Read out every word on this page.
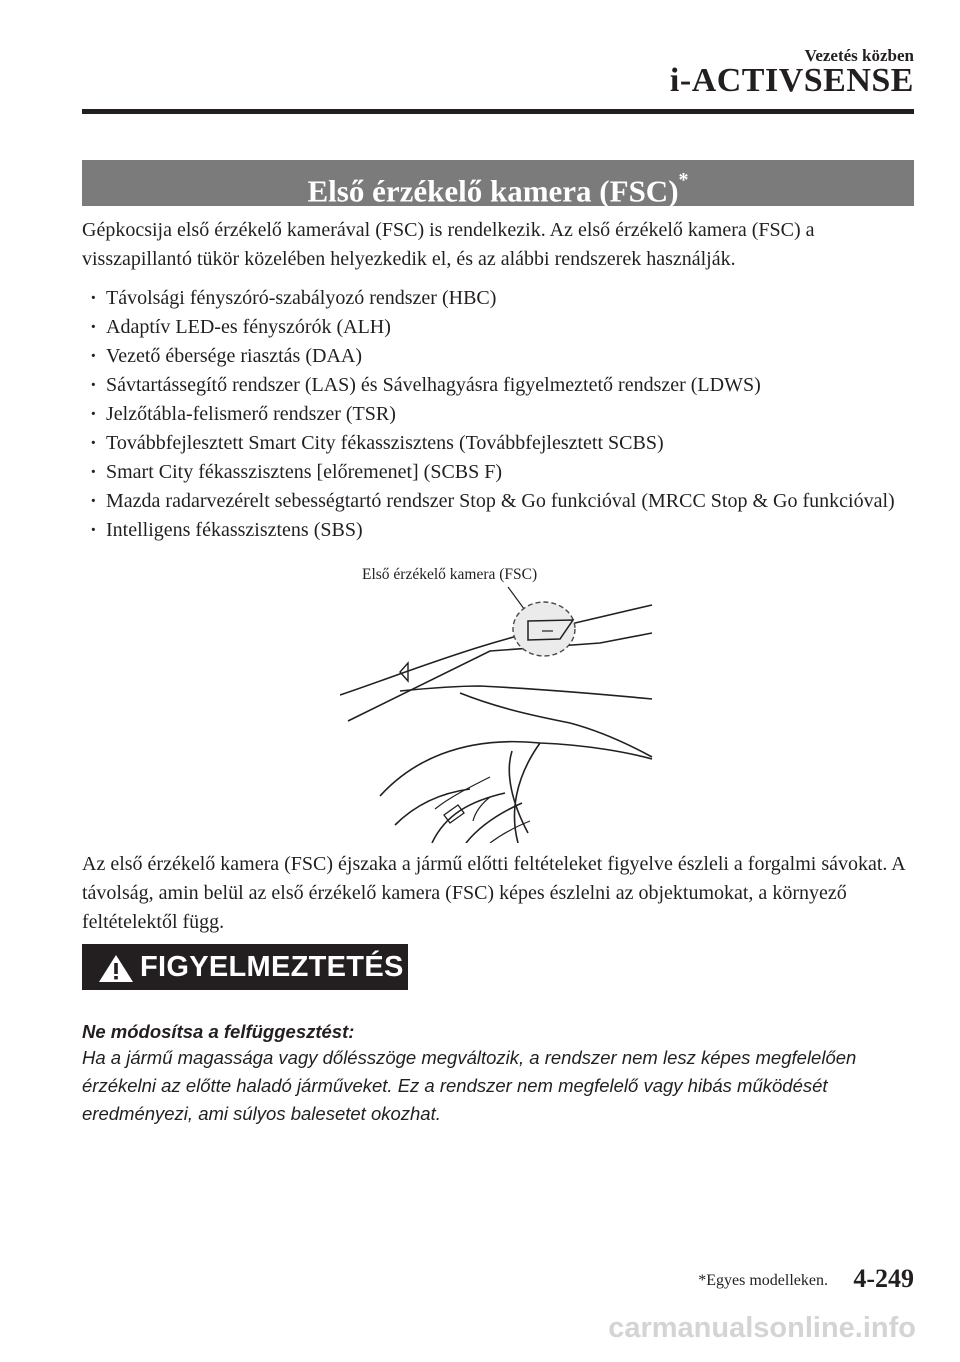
Vezetés közben
i-ACTIVSENSE
Első érzékelő kamera (FSC)*
Gépkocsija első érzékelő kamerával (FSC) is rendelkezik. Az első érzékelő kamera (FSC) a visszapillantó tükör közelében helyezkedik el, és az alábbi rendszerek használják.
· Távolsági fényszóró-szabályozó rendszer (HBC)
· Adaptív LED-es fényszórók (ALH)
· Vezető ébersége riasztás (DAA)
· Sávtartássegítő rendszer (LAS) és Sávelhagyásra figyelmeztető rendszer (LDWS)
· Jelzőtábla-felismerő rendszer (TSR)
· Továbbfejlesztett Smart City fékasszisztens (Továbbfejlesztett SCBS)
· Smart City fékasszisztens [előremenet] (SCBS F)
· Mazda radarvezérelt sebességtartó rendszer Stop & Go funkcióval (MRCC Stop & Go funkcióval)
· Intelligens fékasszisztens (SBS)
Első érzékelő kamera (FSC)
Az első érzékelő kamera (FSC) éjszaka a jármű előtti feltételeket figyelve észleli a forgalmi sávokat. A távolság, amin belül az első érzékelő kamera (FSC) képes észlelni az objektumokat, a környező feltételektől függ.
FIGYELMEZTETÉS
Ne módosítsa a felfüggesztést:
Ha a jármű magassága vagy dőlésszöge megváltozik, a rendszer nem lesz képes megfelelően érzékelni az előtte haladó járműveket. Ez a rendszer nem megfelelő vagy hibás működését eredményezi, ami súlyos balesetet okozhat.
*Egyes modelleken. 4-249
carmanualsonline.info
